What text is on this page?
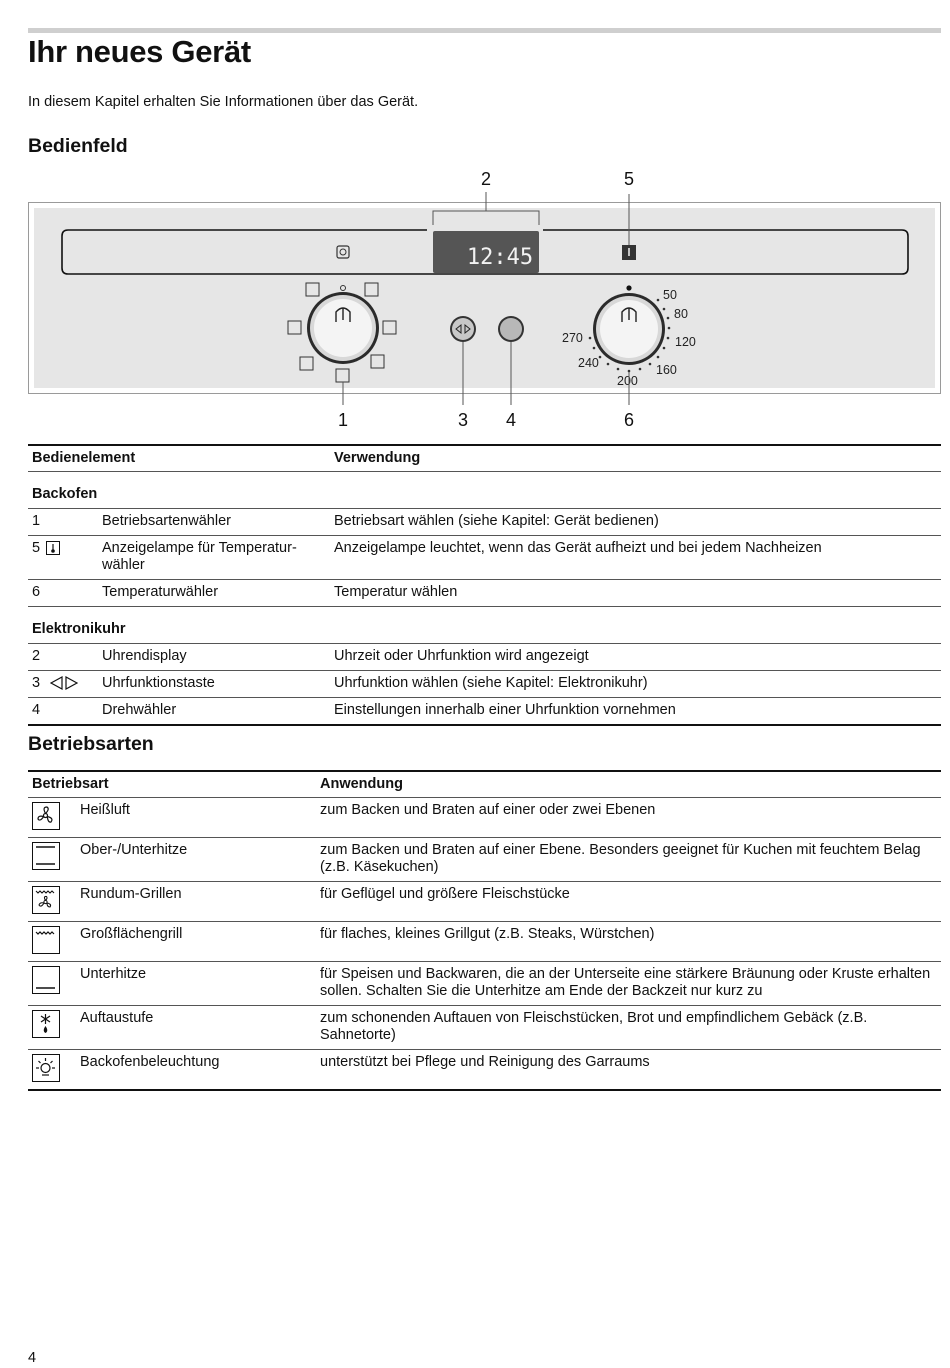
Ihr neues Gerät

In diesem Kapitel erhalten Sie Informationen über das Gerät.

Bedienfeld
12:45
50
80
120
160
200
240
270
1
2
3 4
5
6
Bedienelement		Verwendung
Backofen		
1	Betriebsartenwähler	Betriebsart wählen (siehe Kapitel: Gerät bedienen)
5	Anzeigelampe für Temperatur-wähler	Anzeigelampe leuchtet, wenn das Gerät aufheizt und bei jedem Nachheizen
6	Temperaturwähler	Temperatur wählen
Elektronikuhr		
2	Uhrendisplay	Uhrzeit oder Uhrfunktion wird angezeigt
3	Uhrfunktionstaste	Uhrfunktion wählen (siehe Kapitel: Elektronikuhr)
4	Drehwähler	Einstellungen innerhalb einer Uhrfunktion vornehmen
Betriebsarten
Betriebsart		Anwendung
	Heißluft	zum Backen und Braten auf einer oder zwei Ebenen
	Ober-/Unterhitze	zum Backen und Braten auf einer Ebene. Besonders geeignet für Kuchen mit feuchtem Belag (z.B. Käsekuchen)
	Rundum-Grillen	für Geflügel und größere Fleischstücke
	Großflächengrill	für flaches, kleines Grillgut (z.B. Steaks, Würstchen)
	Unterhitze	für Speisen und Backwaren, die an der Unterseite eine stärkere Bräunung oder Kruste erhalten sollen. Schalten Sie die Unterhitze am Ende der Backzeit nur kurz zu
	Auftaustufe	zum schonenden Auftauen von Fleischstücken, Brot und empfindlichem Gebäck (z.B. Sahnetorte)
	Backofenbeleuchtung	unterstützt bei Pflege und Reinigung des Garraums
4
